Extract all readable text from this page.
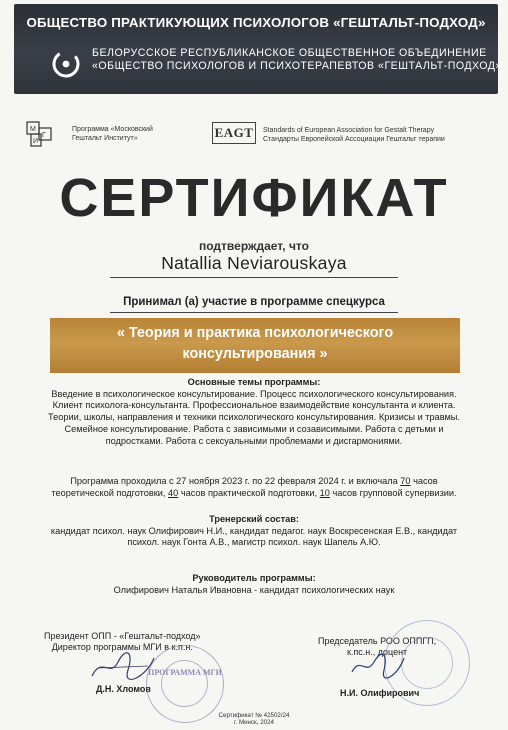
ОБЩЕСТВО ПРАКТИКУЮЩИХ ПСИХОЛОГОВ «ГЕШТАЛЬТ-ПОДХОД»
БЕЛОРУССКОЕ РЕСПУБЛИКАНСКОЕ ОБЩЕСТВЕННОЕ ОБЪЕДИНЕНИЕ
«ОБЩЕСТВО ПСИХОЛОГОВ И ПСИХОТЕРАПЕВТОВ «ГЕШТАЛЬТ-ПОДХОД»
М
Г
И
Программа «Московский
Гештальт Институт»	EAGT	Standards of European Association for Gestalt Therapy
Стандарты Европейской Ассоциации Гештальт терапии
СЕРТИФИКАТ
подтверждает, что
Natallia Neviarouskaya
Принимал (а) участие в программе спецкурса
« Теория и практика психологического консультирования »
Основные темы программы:
Введение в психологическое консультирование. Процесс психологического консультирования.
Клиент психолога-консультанта. Профессиональное взаимодействие консультанта и клиента.
Теории, школы, направления и техники психологического консультирования. Кризисы и травмы.
Семейное консультирование. Работа с зависимыми и созависимыми. Работа с детьми и
подростками. Работа с сексуальными проблемами и дисгармониями.
Программа проходила с 27 ноября 2023 г. по 22 февраля 2024 г. и включала 70 часов
теоретической подготовки, 40 часов практической подготовки, 10 часов групповой супервизии.
Тренерский состав:
кандидат психол. наук Олифирович Н.И., кандидат педагог. наук Воскресенская Е.В., кандидат
психол. наук Гонта А.В., магистр психол. наук Шапель А.Ю.
Руководитель программы:
Олифирович Наталья Ивановна - кандидат психологических наук
Президент ОПП - «Гештальт-подход»
Директор программы МГИ в к.п.н.
Д.Н. Хломов
ПРОГРАММА МГИ
Председатель РОО ОППГП,
к.пс.н., доцент
Н.И. Олифирович
Сертификат № 42502/24
г. Минск, 2024
